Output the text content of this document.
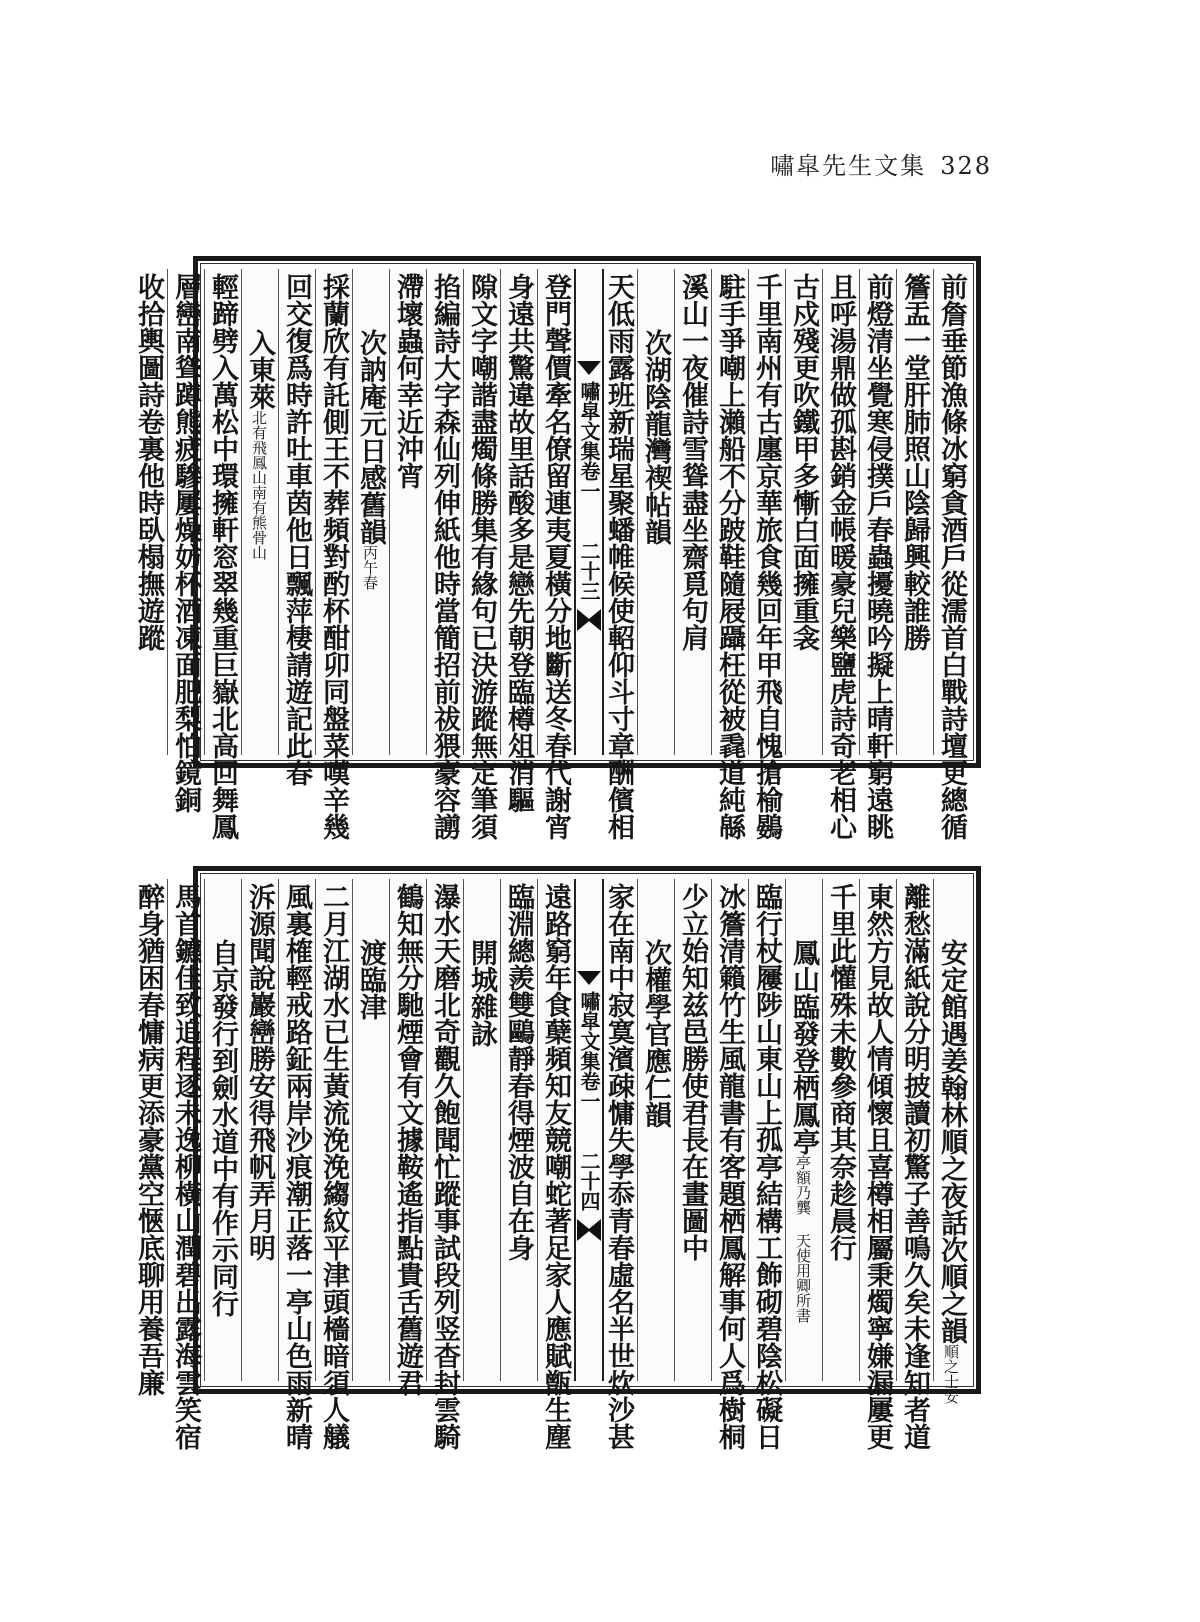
嘯皐先生文集 328
前詹垂節漁條冰窮貪酒戶從濡首白戰詩壇更總循
簷盂一堂肝肺照山陰歸興較誰勝
前燈清坐覺寒侵撲戶春蟲擾曉吟擬上晴軒窮遠眺
且呼湯鼎做孤斟銷金帳暖豪兒樂鹽虎詩奇老相心
古戍殘更吹鐵甲多慚白面擁重衾
千里南州有古廛京華旅食幾回年甲飛自愧搶榆鷃
駐手爭嘲上瀨船不分跛鞋隨屐躡枉從被毳道純緜
溪山一夜催詩雪聳盡坐齋覓句肩
次湖陰龍灣禊帖韻
天低雨露班新瑞星聚蟠帷候使軺仰斗寸章酬儐相
嘯皐文集卷一
二十三
登門聲價牽名僚留連夷夏橫分地斷送冬春代謝宵
身遠共驚違故里話酸多是戀先朝登臨樽俎消驅
隙文字嘲諧盡燭條勝集有緣句已決游蹤無定筆須
掐編詩大字森仙列伸紙他時當簡招前祓猥豪容謭
滯壞蟲何幸近沖宵
次訥庵元日感舊韻丙午春
採蘭欣有託側王不葬頻對酌杯酣卯同盤菜嘆辛幾
回交復爲時許吐車茵他日飄萍棲請遊記此春
入東萊北有飛鳳山南有熊骨山
輕蹄劈入萬松中環擁軒窓翠幾重巨嶽北高回舞鳳
層巒南聳蹲熊疲驂屢燥妨杯酒凍面肥梨怕鏡銅
收拾輿圖詩卷裏他時臥榻撫遊蹤
安定館遇姜翰林順之夜話次順之韻順之士安
離愁滿紙說分明披讀初驚子善鳴久矣未逢知者道
東然方見故人情傾懷且喜樽相屬秉燭寧嫌漏屢更
千里此懽殊未數參商其奈趁晨行
鳳山臨發登栖鳳亭亭額乃龔 天使用卿所書
臨行杖屨陟山東山上孤亭結構工飾砌碧陰松礙日
冰簷清籟竹生風龍書有客題栖鳳解事何人爲樹桐
少立始知兹邑勝使君長在畫圖中
次權學官應仁韻
家在南中寂寞濱疎慵失學忝青春虛名半世炊沙甚
嘯皐文集卷一
二十四
遠路窮年食蘖頻知友競嘲蛇著足家人應賦甑生塵
臨淵總羨雙鷗靜春得煙波自在身
開城雜詠
瀑水天磨北奇觀久飽聞忙蹤事試段列竖杳封雲騎
鶴知無分馳煙會有文據鞍遙指點貴舌舊遊君
渡臨津
二月江湖水已生黃流浼浼縐紋平津頭檣暗須人艤
風裏榷輕戒路鉦兩岸沙痕潮正落一亭山色雨新晴
泝源聞說巖巒勝安得飛帆弄月明
自京發行到劍水道中有作示同行
馬首鑣佳致追程逐未逸柳橫山潤碧出露海雲笑宿
醉身猶困春慵病更添豪黨空愜底聊用養吾廉
